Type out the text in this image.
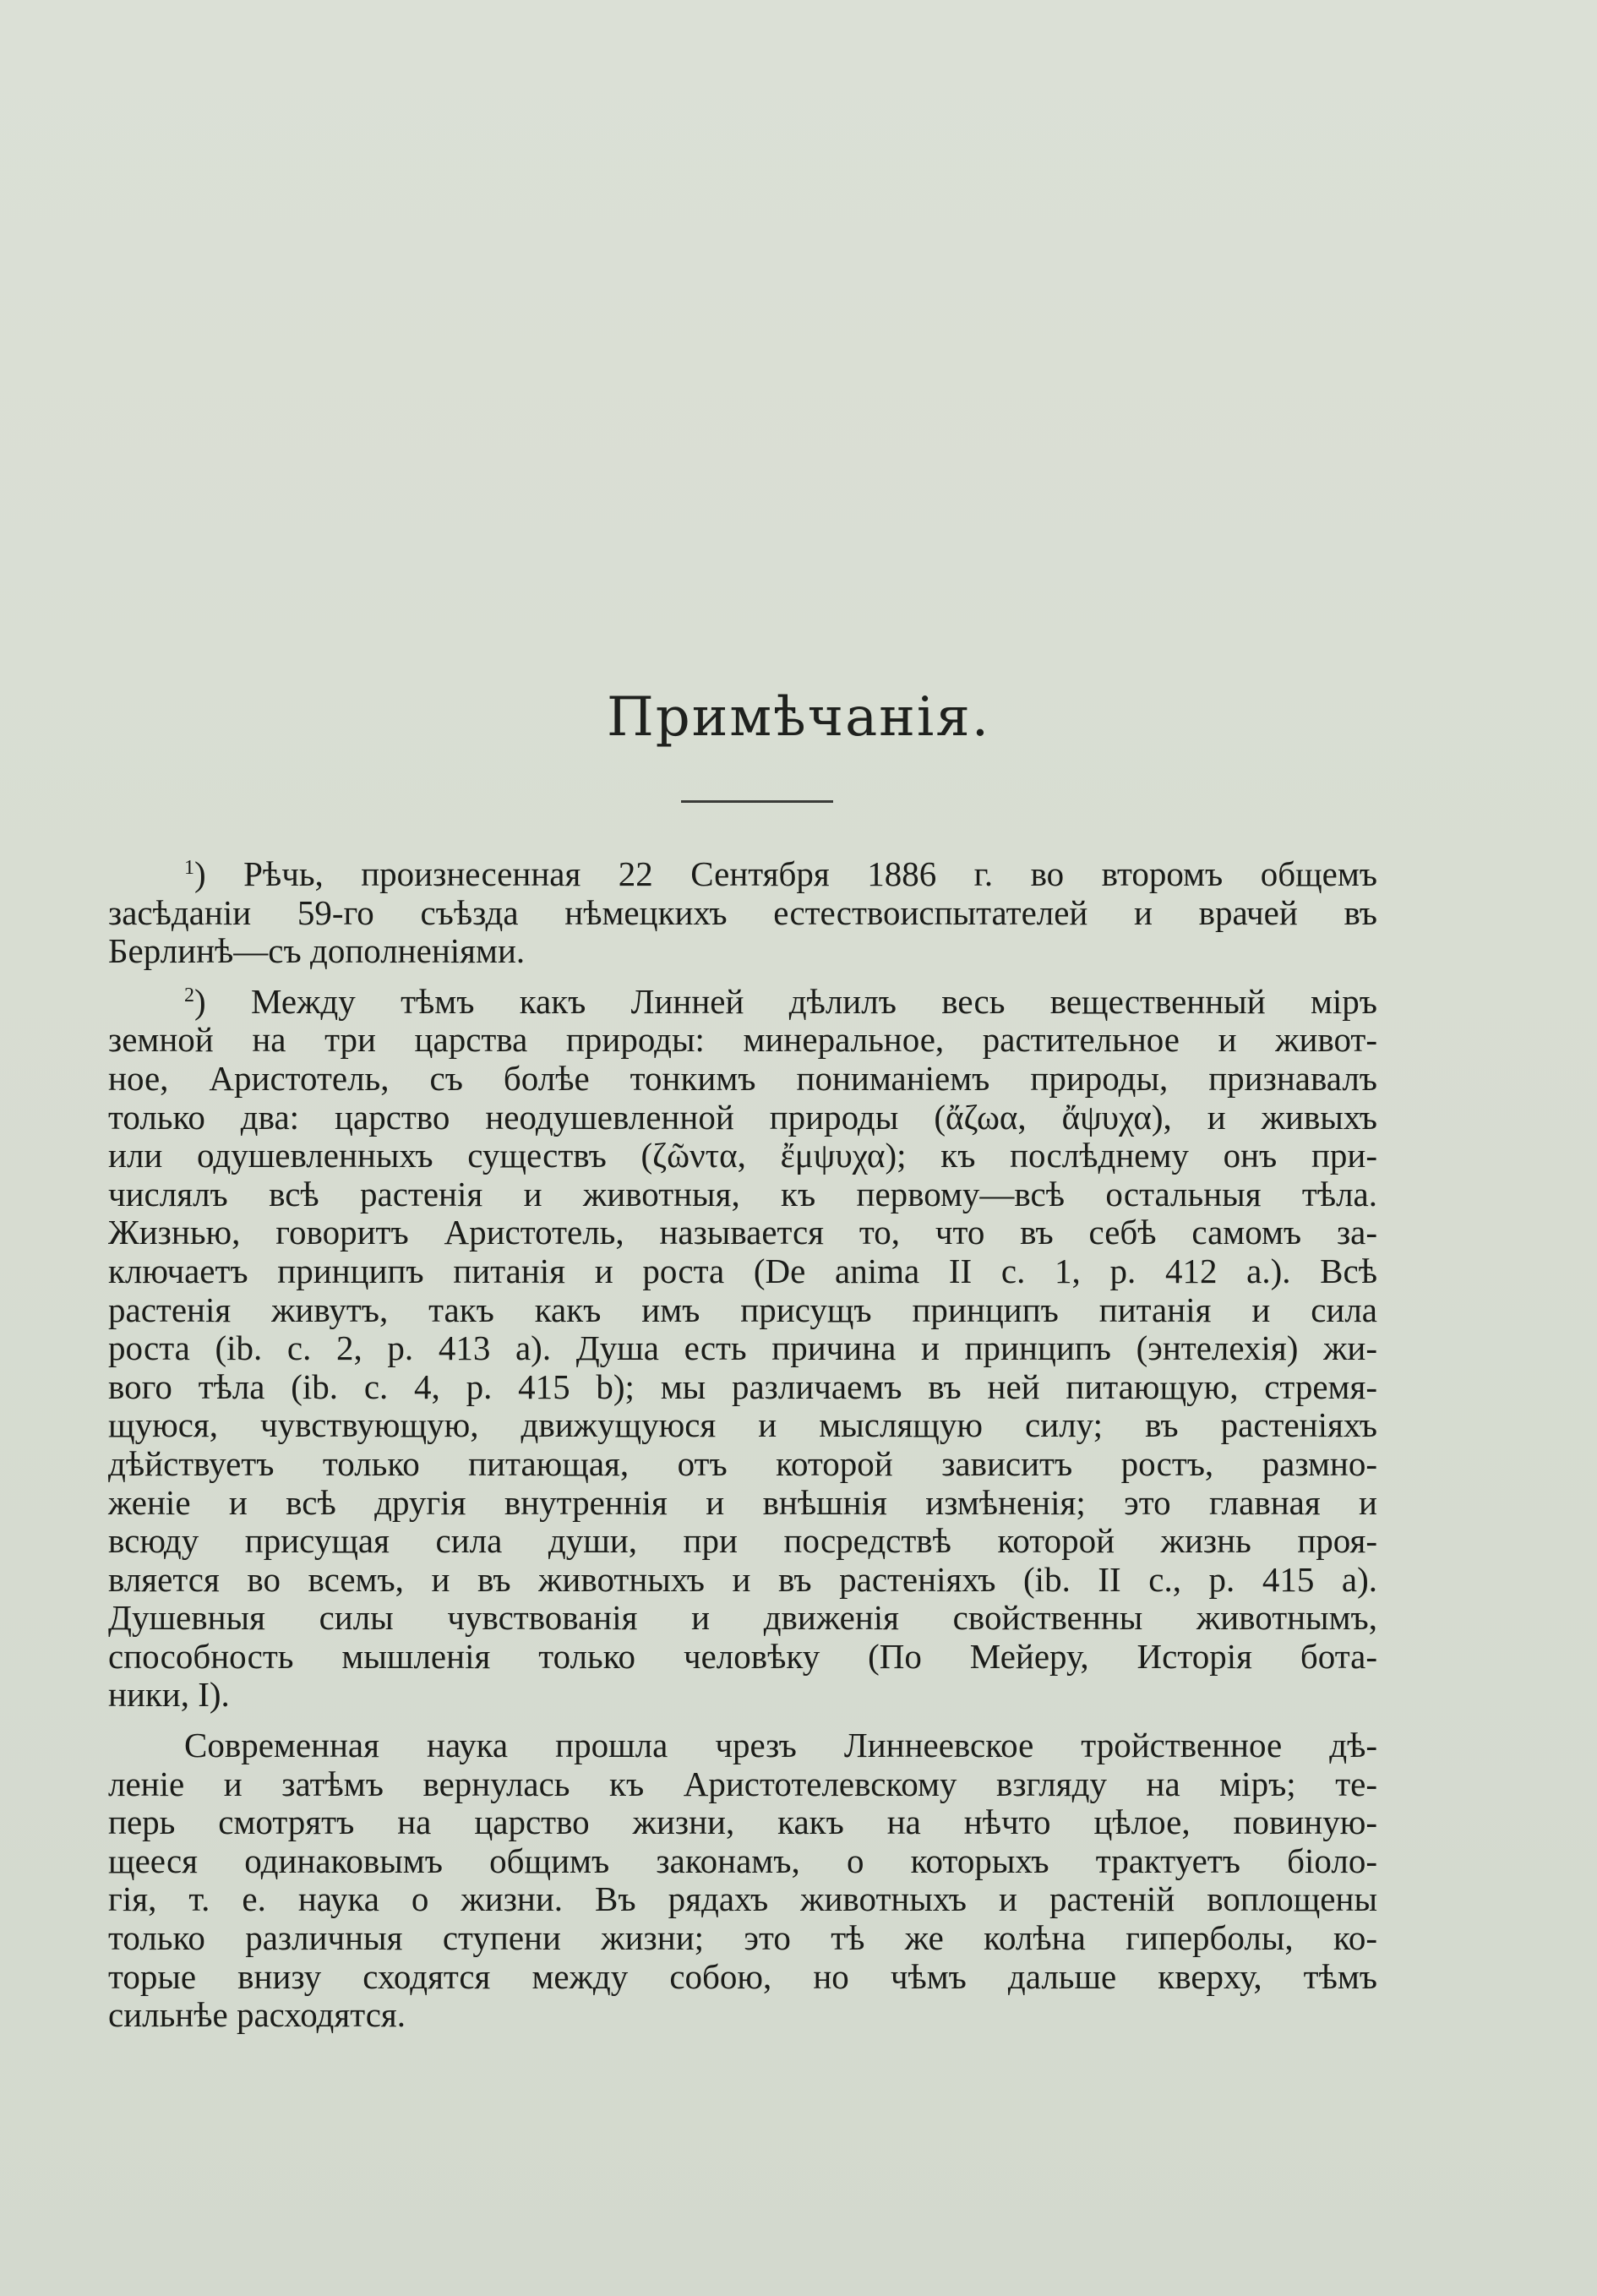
Примѣчанія.
$^1$) Рѣчь, произнесенная 22 Сентября 1886 г. во второмъ общемъ
засѣданіи 59-го съѣзда нѣмецкихъ естествоиспытателей и врачей въ
Берлинѣ—съ дополненіями.
$^2$) Между тѣмъ какъ Линней дѣлилъ весь вещественный міръ
земной на три царства природы: минеральное, растительное и живот-
ное, Аристотель, съ болѣе тонкимъ пониманіемъ природы, признавалъ
только два: царство неодушевленной природы (ἄζωα, ἄψυχα), и живыхъ
или одушевленныхъ существъ (ζῶντα, ἔμψυχα); къ послѣднему онъ при-
числялъ всѣ растенія и животныя, къ первому—всѣ остальныя тѣла.
Жизнью, говоритъ Аристотель, называется то, что въ себѣ самомъ за-
ключаетъ принципъ питанія и роста (De anima II c. 1, p. 412 a.). Всѣ
растенія живутъ, такъ какъ имъ присущъ принципъ питанія и сила
роста (ib. c. 2, p. 413 a). Душа есть причина и принципъ (энтелехія) жи-
вого тѣла (ib. c. 4, p. 415 b); мы различаемъ въ ней питающую, стремя-
щуюся, чувствующую, движущуюся и мыслящую силу; въ растеніяхъ
дѣйствуетъ только питающая, отъ которой зависитъ ростъ, размно-
женіе и всѣ другія внутреннія и внѣшнія измѣненія; это главная и
всюду присущая сила души, при посредствѣ которой жизнь проя-
вляется во всемъ, и въ животныхъ и въ растеніяхъ (ib. II c., p. 415 a).
Душевныя силы чувствованія и движенія свойственны животнымъ,
способность мышленія только человѣку (По Мейеру, Исторія бота-
ники, I).
Современная наука прошла чрезъ Линнеевское тройственное дѣ-
леніе и затѣмъ вернулась къ Аристотелевскому взгляду на міръ; те-
перь смотрятъ на царство жизни, какъ на нѣчто цѣлое, повиную-
щееся одинаковымъ общимъ законамъ, о которыхъ трактуетъ біоло-
гія, т. е. наука о жизни. Въ рядахъ животныхъ и растеній воплощены
только различныя ступени жизни; это тѣ же колѣна гиперболы, ко-
торые внизу сходятся между собою, но чѣмъ дальше кверху, тѣмъ
сильнѣе расходятся.
